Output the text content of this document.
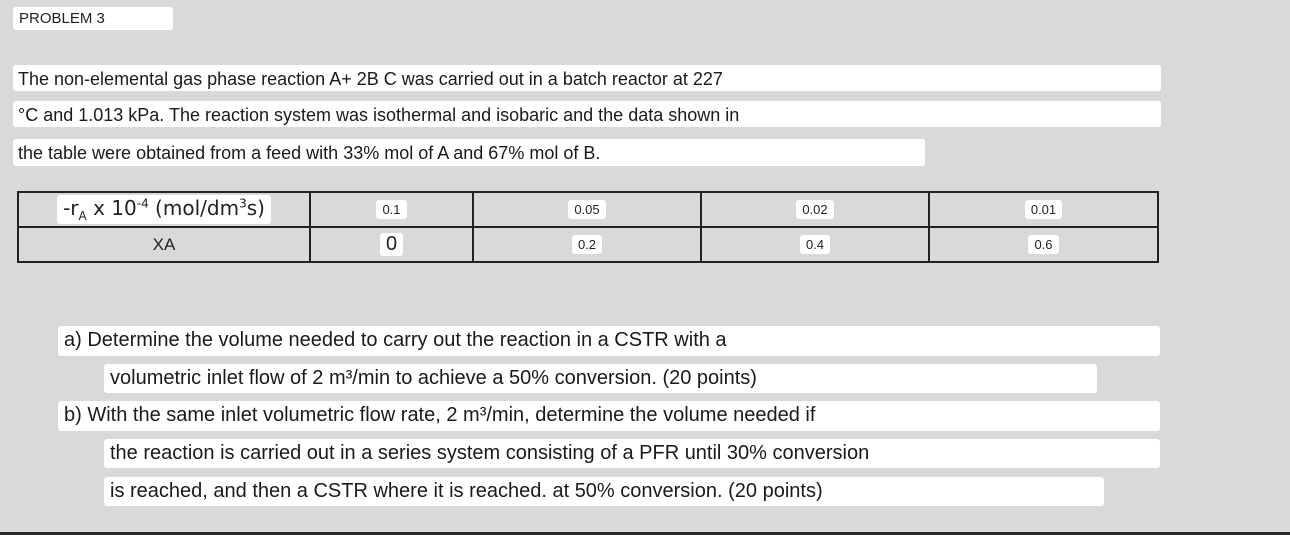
PROBLEM 3
The non-elemental gas phase reaction A+ 2B C was carried out in a batch reactor at 227
°C and 1.013 kPa. The reaction system was isothermal and isobaric and the data shown in
the table were obtained from a feed with 33% mol of A and 67% mol of B.
$-r_A$ x $10^{-4}$ $(mol/dm^3s)$	0.1	0.05	0.02	0.01
XA	0	0.2	0.4	0.6
a) Determine the volume needed to carry out the reaction in a CSTR with a
volumetric inlet flow of 2 m³/min to achieve a 50% conversion. (20 points)
b) With the same inlet volumetric flow rate, 2 m³/min, determine the volume needed if
the reaction is carried out in a series system consisting of a PFR until 30% conversion
is reached, and then a CSTR where it is reached. at 50% conversion. (20 points)
